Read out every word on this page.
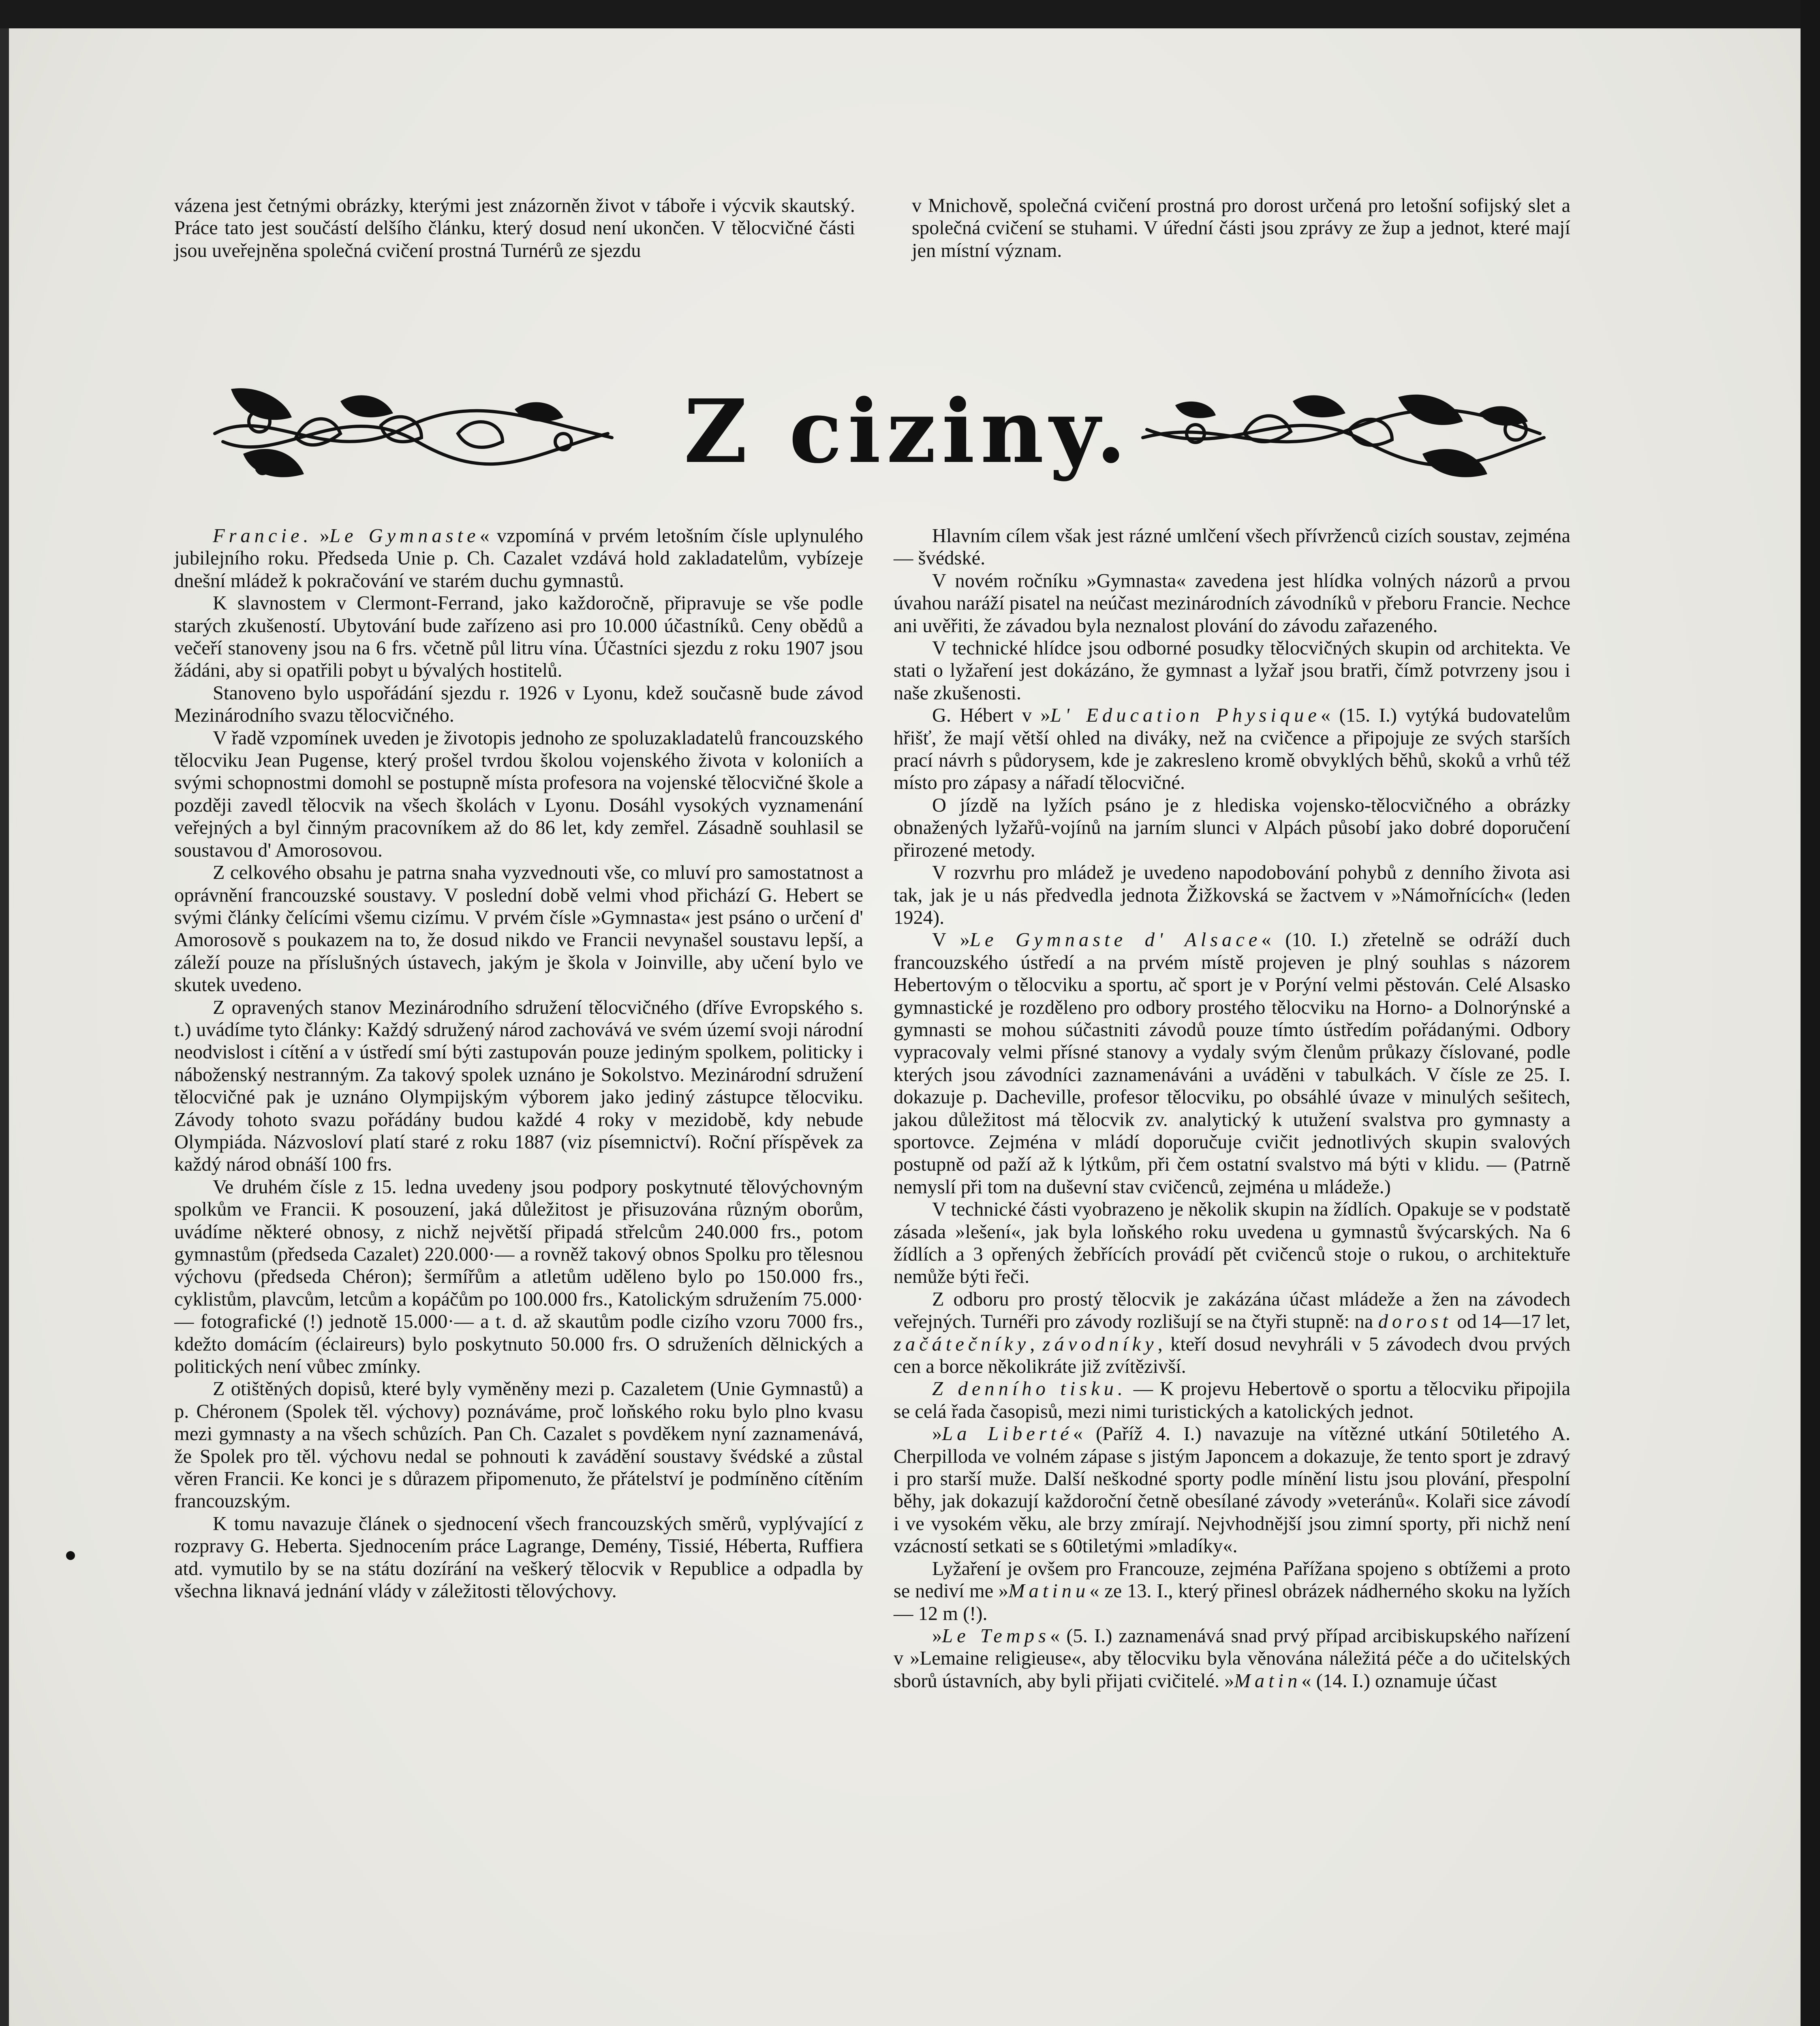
vázena jest četnými obrázky, kterými jest znázorněn život v táboře i výcvik skautský. Práce tato jest součástí delšího článku, který dosud není ukončen. V tělocvičné části jsou uveřejněna společná cvičení prostná Turnérů ze sjezdu

v Mnichově, společná cvičení prostná pro dorost určená pro letošní sofijský slet a společná cvičení se stuhami. V úřední části jsou zprávy ze žup a jednot, které mají jen místní význam.

Z ciziny.

Francie. »Le Gymnaste« vzpomíná v prvém letošním čísle uplynulého jubilejního roku. Předseda Unie p. Ch. Cazalet vzdává hold zakladatelům, vybízeje dnešní mládež k pokračování ve starém duchu gymnastů.

K slavnostem v Clermont-Ferrand, jako každoročně, připravuje se vše podle starých zkušeností. Ubytování bude zařízeno asi pro 10.000 účastníků. Ceny obědů a večeří stanoveny jsou na 6 frs. včetně půl litru vína. Účastníci sjezdu z roku 1907 jsou žádáni, aby si opatřili pobyt u bývalých hostitelů.

Stanoveno bylo uspořádání sjezdu r. 1926 v Lyonu, kdež současně bude závod Mezinárodního svazu tělocvičného.

V řadě vzpomínek uveden je životopis jednoho ze spoluzakladatelů francouzského tělocviku Jean Pugense, který prošel tvrdou školou vojenského života v koloniích a svými schopnostmi domohl se postupně místa profesora na vojenské tělocvičné škole a později zavedl tělocvik na všech školách v Lyonu. Dosáhl vysokých vyznamenání veřejných a byl činným pracovníkem až do 86 let, kdy zemřel. Zásadně souhlasil se soustavou d' Amorosovou.

Z celkového obsahu je patrna snaha vyzvednouti vše, co mluví pro samostatnost a oprávnění francouzské soustavy. V poslední době velmi vhod přichází G. Hebert se svými články čelícími všemu cizímu. V prvém čísle »Gymnasta« jest psáno o určení d' Amorosově s poukazem na to, že dosud nikdo ve Francii nevynašel soustavu lepší, a záleží pouze na příslušných ústavech, jakým je škola v Joinville, aby učení bylo ve skutek uvedeno.

Z opravených stanov Mezinárodního sdružení tělocvičného (dříve Evropského s. t.) uvádíme tyto články: Každý sdružený národ zachovává ve svém území svoji národní neodvislost i cítění a v ústředí smí býti zastupován pouze jediným spolkem, politicky i náboženský nestranným. Za takový spolek uznáno je Sokolstvo. Mezinárodní sdružení tělocvičné pak je uznáno Olympijským výborem jako jediný zástupce tělocviku. Závody tohoto svazu pořádány budou každé 4 roky v mezidobě, kdy nebude Olympiáda. Názvosloví platí staré z roku 1887 (viz písemnictví). Roční příspěvek za každý národ obnáší 100 frs.

Ve druhém čísle z 15. ledna uvedeny jsou podpory poskytnuté tělovýchovným spolkům ve Francii. K posouzení, jaká důležitost je přisuzována různým oborům, uvádíme některé obnosy, z nichž největší připadá střelcům 240.000 frs., potom gymnastům (předseda Cazalet) 220.000·— a rovněž takový obnos Spolku pro tělesnou výchovu (předseda Chéron); šermířům a atletům uděleno bylo po 150.000 frs., cyklistům, plavcům, letcům a kopáčům po 100.000 frs., Katolickým sdružením 75.000·— fotografické (!) jednotě 15.000·— a t. d. až skautům podle cizího vzoru 7000 frs., kdežto domácím (éclaireurs) bylo poskytnuto 50.000 frs. O sdruženích dělnických a politických není vůbec zmínky.

Z otištěných dopisů, které byly vyměněny mezi p. Cazaletem (Unie Gymnastů) a p. Chéronem (Spolek těl. výchovy) poznáváme, proč loňského roku bylo plno kvasu mezi gymnasty a na všech schůzích. Pan Ch. Cazalet s povděkem nyní zaznamenává, že Spolek pro těl. výchovu nedal se pohnouti k zavádění soustavy švédské a zůstal věren Francii. Ke konci je s důrazem připomenuto, že přátelství je podmíněno cítěním francouzským.

K tomu navazuje článek o sjednocení všech francouzských směrů, vyplývající z rozpravy G. Heberta. Sjednocením práce Lagrange, Demény, Tissié, Héberta, Ruffiera atd. vymutilo by se na státu dozírání na veškerý tělocvik v Republice a odpadla by všechna liknavá jednání vlády v záležitosti tělovýchovy.

Hlavním cílem však jest rázné umlčení všech přívrženců cizích soustav, zejména — švédské.

V novém ročníku »Gymnasta« zavedena jest hlídka volných názorů a prvou úvahou naráží pisatel na neúčast mezinárodních závodníků v přeboru Francie. Nechce ani uvěřiti, že závadou byla neznalost plování do závodu zařazeného.

V technické hlídce jsou odborné posudky tělocvičných skupin od architekta. Ve stati o lyžaření jest dokázáno, že gymnast a lyžař jsou bratři, čímž potvrzeny jsou i naše zkušenosti.

G. Hébert v »L' Education Physique« (15. I.) vytýká budovatelům hřišť, že mají větší ohled na diváky, než na cvičence a připojuje ze svých starších prací návrh s půdorysem, kde je zakresleno kromě obvyklých běhů, skoků a vrhů též místo pro zápasy a nářadí tělocvičné.

O jízdě na lyžích psáno je z hlediska vojensko-tělocvičného a obrázky obnažených lyžařů-vojínů na jarním slunci v Alpách působí jako dobré doporučení přirozené metody.

V rozvrhu pro mládež je uvedeno napodobování pohybů z denního života asi tak, jak je u nás předvedla jednota Žižkovská se žactvem v »Námořnících« (leden 1924).

V »Le Gymnaste d' Alsace« (10. I.) zřetelně se odráží duch francouzského ústředí a na prvém místě projeven je plný souhlas s názorem Hebertovým o tělocviku a sportu, ač sport je v Porýní velmi pěstován. Celé Alsasko gymnastické je rozděleno pro odbory prostého tělocviku na Horno- a Dolnorýnské a gymnasti se mohou súčastniti závodů pouze tímto ústředím pořádanými. Odbory vypracovaly velmi přísné stanovy a vydaly svým členům průkazy číslované, podle kterých jsou závodníci zaznamenáváni a uváděni v tabulkách. V čísle ze 25. I. dokazuje p. Dacheville, profesor tělocviku, po obsáhlé úvaze v minulých sešitech, jakou důležitost má tělocvik zv. analytický k utužení svalstva pro gymnasty a sportovce. Zejména v mládí doporučuje cvičit jednotlivých skupin svalových postupně od paží až k lýtkům, při čem ostatní svalstvo má býti v klidu. — (Patrně nemyslí při tom na duševní stav cvičenců, zejména u mládeže.)

V technické části vyobrazeno je několik skupin na žídlích. Opakuje se v podstatě zásada »lešení«, jak byla loňského roku uvedena u gymnastů švýcarských. Na 6 žídlích a 3 opřených žebřících provádí pět cvičenců stoje o rukou, o architektuře nemůže býti řeči.

Z odboru pro prostý tělocvik je zakázána účast mládeže a žen na závodech veřejných. Turnéři pro závody rozlišují se na čtyři stupně: na dorost od 14—17 let, začátečníky, závodníky, kteří dosud nevyhráli v 5 závodech dvou prvých cen a borce několikráte již zvítězivší.

Z denního tisku. — K projevu Hebertově o sportu a tělocviku připojila se celá řada časopisů, mezi nimi turistických a katolických jednot.

»La Liberté« (Paříž 4. I.) navazuje na vítězné utkání 50tiletého A. Cherpilloda ve volném zápase s jistým Japoncem a dokazuje, že tento sport je zdravý i pro starší muže. Další neškodné sporty podle mínění listu jsou plování, přespolní běhy, jak dokazují každoroční četně obesílané závody »veteránů«. Kolaři sice závodí i ve vysokém věku, ale brzy zmírají. Nejvhodnější jsou zimní sporty, při nichž není vzácností setkati se s 60tiletými »mladíky«.

Lyžaření je ovšem pro Francouze, zejména Pařížana spojeno s obtížemi a proto se nediví me »Matinu« ze 13. I., který přinesl obrázek nádherného skoku na lyžích — 12 m (!).

»Le Temps« (5. I.) zaznamenává snad prvý případ arcibiskupského nařízení v »Lemaine religieuse«, aby tělocviku byla věnována náležitá péče a do učitelských sborů ústavních, aby byli přijati cvičitelé. »Matin« (14. I.) oznamuje účast
